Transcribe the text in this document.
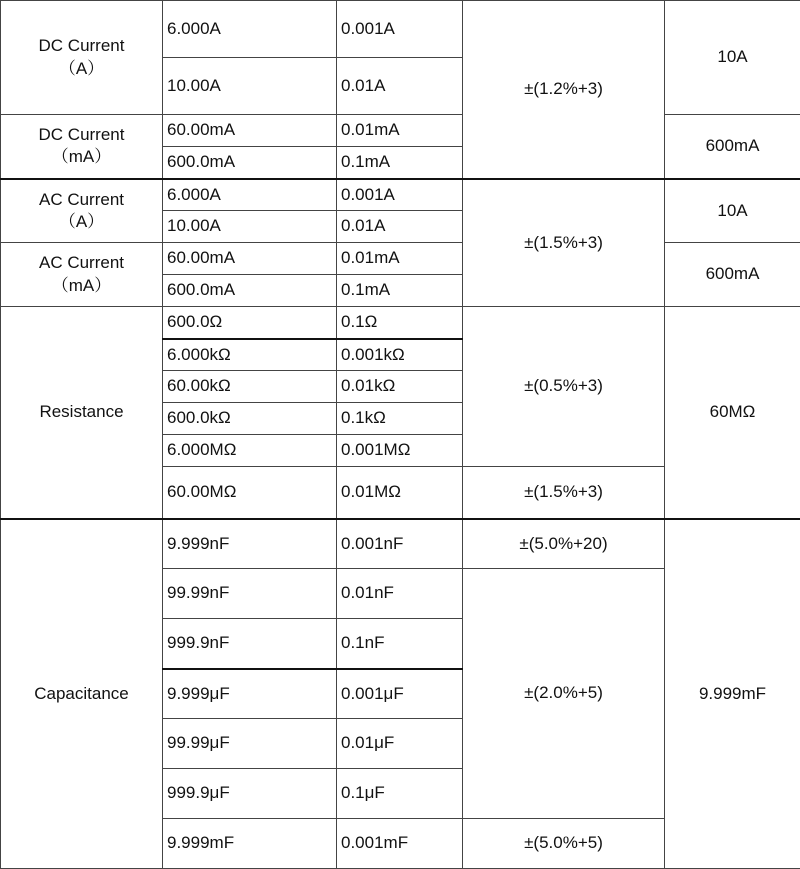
DC Current
（A）	6.000A	0.001A	±(1.2%+3)	10A
	10.00A	0.01A		
DC Current
（mA）	60.00mA	0.01mA		600mA
	600.0mA	0.1mA		
AC Current
（A）	6.000A	0.001A	±(1.5%+3)	10A
	10.00A	0.01A		
AC Current
（mA）	60.00mA	0.01mA		600mA
	600.0mA	0.1mA		
Resistance	600.0Ω	0.1Ω	±(0.5%+3)	60MΩ
	6.000kΩ	0.001kΩ		
	60.00kΩ	0.01kΩ		
	600.0kΩ	0.1kΩ		
	6.000MΩ	0.001MΩ		
	60.00MΩ	0.01MΩ	±(1.5%+3)	
Capacitance	9.999nF	0.001nF	±(5.0%+20)	9.999mF
	99.99nF	0.01nF	±(2.0%+5)	
	999.9nF	0.1nF		
	9.999μF	0.001μF		
	99.99μF	0.01μF		
	999.9μF	0.1μF		
	9.999mF	0.001mF	±(5.0%+5)	
